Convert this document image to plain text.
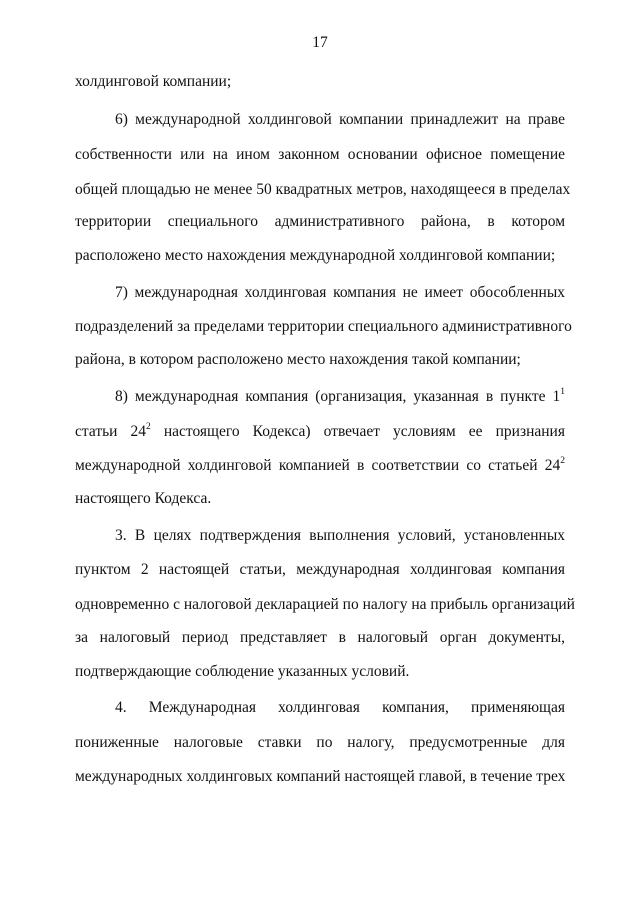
17
холдинговой компании;
6) международной холдинговой компании принадлежит на праве
собственности или на ином законном основании офисное помещение
общей площадью не менее 50 квадратных метров, находящееся в пределах
территории специального административного района, в котором
расположено место нахождения международной холдинговой компании;
7) международная холдинговая компания не имеет обособленных
подразделений за пределами территории специального административного
района, в котором расположено место нахождения такой компании;
8) международная компания (организация, указанная в пункте $1^1$
статьи $24^2$ настоящего Кодекса) отвечает условиям ее признания
международной холдинговой компанией в соответствии со статьей $24^2$
настоящего Кодекса.
3. В целях подтверждения выполнения условий, установленных
пунктом 2 настоящей статьи, международная холдинговая компания
одновременно с налоговой декларацией по налогу на прибыль организаций
за налоговый период представляет в налоговый орган документы,
подтверждающие соблюдение указанных условий.
4. Международная холдинговая компания, применяющая
пониженные налоговые ставки по налогу, предусмотренные для
международных холдинговых компаний настоящей главой, в течение трех
